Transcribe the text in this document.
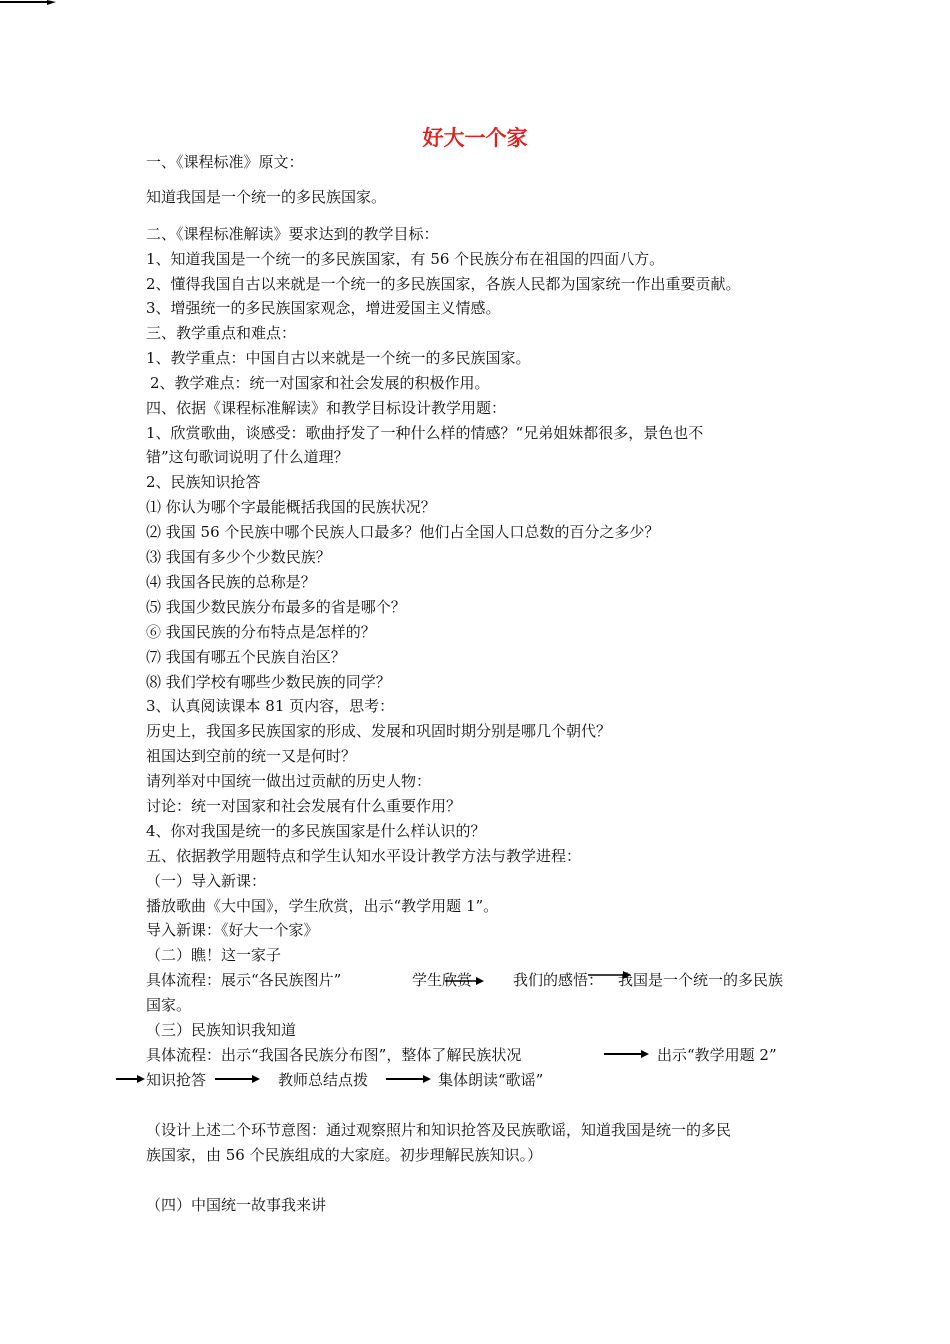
好大一个家
一、《课程标准》原文：
知道我国是一个统一的多民族国家。
二、《课程标准解读》要求达到的教学目标：
1、知道我国是一个统一的多民族国家，有 56 个民族分布在祖国的四面八方。
2、懂得我国自古以来就是一个统一的多民族国家，各族人民都为国家统一作出重要贡献。
3、增强统一的多民族国家观念，增进爱国主义情感。
三、教学重点和难点：
1、教学重点：中国自古以来就是一个统一的多民族国家。
2、教学难点：统一对国家和社会发展的积极作用。
四、依据《课程标准解读》和教学目标设计教学用题：
1、欣赏歌曲，谈感受：歌曲抒发了一种什么样的情感？“兄弟姐妹都很多，景色也不
错”这句歌词说明了什么道理？
2、民族知识抢答
⑴ 你认为哪个字最能概括我国的民族状况？
⑵ 我国 56 个民族中哪个民族人口最多？他们占全国人口总数的百分之多少？
⑶ 我国有多少个少数民族？
⑷ 我国各民族的总称是？
⑸ 我国少数民族分布最多的省是哪个？
⑥ 我国民族的分布特点是怎样的？
⑺ 我国有哪五个民族自治区？
⑻ 我们学校有哪些少数民族的同学？
3、认真阅读课本 81 页内容，思考：
历史上，我国多民族国家的形成、发展和巩固时期分别是哪几个朝代？
祖国达到空前的统一又是何时？
请列举对中国统一做出过贡献的历史人物：
讨论：统一对国家和社会发展有什么重要作用？
4、你对我国是统一的多民族国家是什么样认识的？
五、依据教学用题特点和学生认知水平设计教学方法与教学进程：
（一）导入新课：
播放歌曲《大中国》，学生欣赏，出示“教学用题 1”。
导入新课：《好大一个家》
（二）瞧！这一家子
具体流程：展示“各民族图片”	学生欣赏	我们的感悟： 我国是一个统一的多民族
国家。
（三）民族知识我知道
具体流程：出示“我国各民族分布图”，整体了解民族状况	出示“教学用题 2”
知识抢答	教师总结点拨	集体朗读“歌谣”
（设计上述二个环节意图：通过观察照片和知识抢答及民族歌谣，知道我国是统一的多民
族国家，由 56 个民族组成的大家庭。初步理解民族知识。）
（四）中国统一故事我来讲
